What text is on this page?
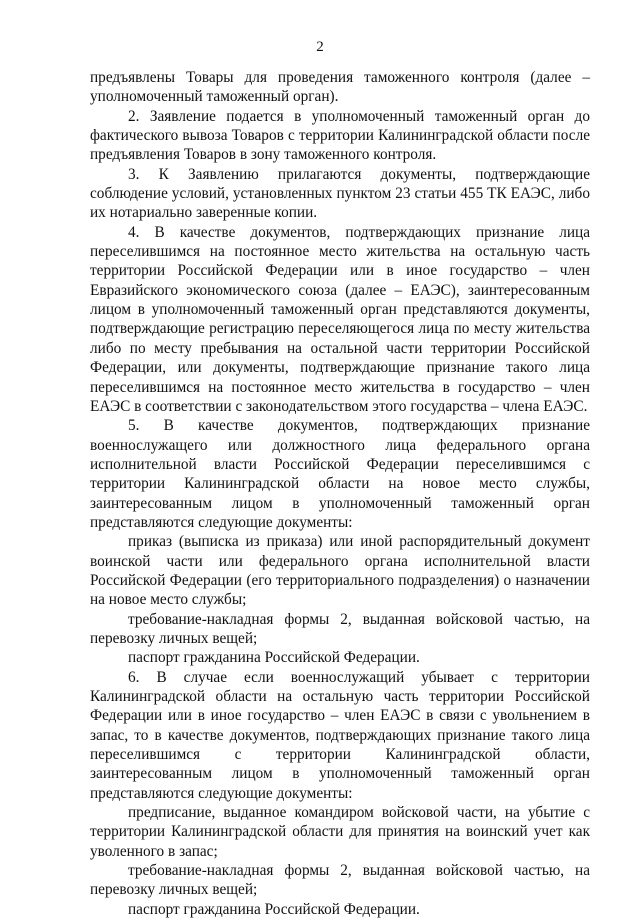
2

предъявлены Товары для проведения таможенного контроля (далее – уполномоченный таможенный орган).

2. Заявление подается в уполномоченный таможенный орган до фактического вывоза Товаров с территории Калининградской области после предъявления Товаров в зону таможенного контроля.

3. К Заявлению прилагаются документы, подтверждающие соблюдение условий, установленных пунктом 23 статьи 455 ТК ЕАЭС, либо их нотариально заверенные копии.

4. В качестве документов, подтверждающих признание лица переселившимся на постоянное место жительства на остальную часть территории Российской Федерации или в иное государство – член Евразийского экономического союза (далее – ЕАЭС), заинтересованным лицом в уполномоченный таможенный орган представляются документы, подтверждающие регистрацию переселяющегося лица по месту жительства либо по месту пребывания на остальной части территории Российской Федерации, или документы, подтверждающие признание такого лица переселившимся на постоянное место жительства в государство – член ЕАЭС в соответствии с законодательством этого государства – члена ЕАЭС.

5. В качестве документов, подтверждающих признание военнослужащего или должностного лица федерального органа исполнительной власти Российской Федерации переселившимся с территории Калининградской области на новое место службы, заинтересованным лицом в уполномоченный таможенный орган представляются следующие документы:

приказ (выписка из приказа) или иной распорядительный документ воинской части или федерального органа исполнительной власти Российской Федерации (его территориального подразделения) о назначении на новое место службы;

требование-накладная формы 2, выданная войсковой частью, на перевозку личных вещей;

паспорт гражданина Российской Федерации.

6. В случае если военнослужащий убывает с территории Калининградской области на остальную часть территории Российской Федерации или в иное государство – член ЕАЭС в связи с увольнением в запас, то в качестве документов, подтверждающих признание такого лица переселившимся с территории Калининградской области, заинтересованным лицом в уполномоченный таможенный орган представляются следующие документы:

предписание, выданное командиром войсковой части, на убытие с территории Калининградской области для принятия на воинский учет как уволенного в запас;

требование-накладная формы 2, выданная войсковой частью, на перевозку личных вещей;

паспорт гражданина Российской Федерации.
